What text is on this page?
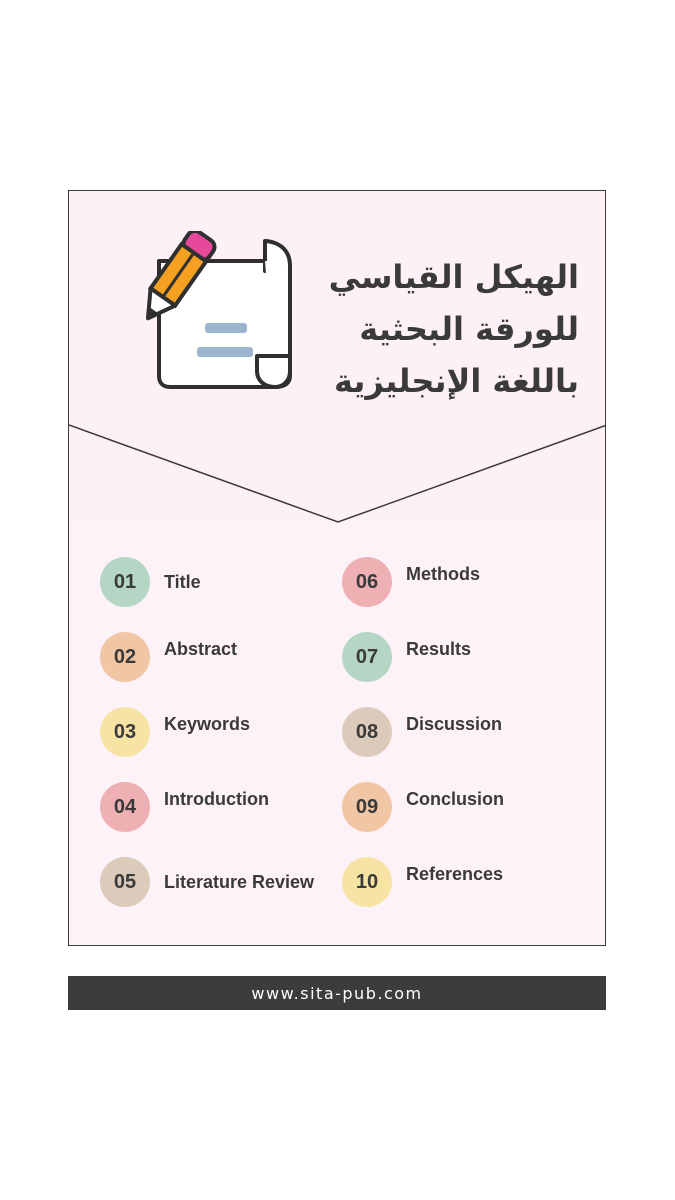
الهيكل القياسي
للورقة البحثية
باللغة الإنجليزية
01	Title
02	Abstract
03	Keywords
04	Introduction
05	Literature Review
06	Methods
07	Results
08	Discussion
09	Conclusion
10	References
www.sita-pub.com
